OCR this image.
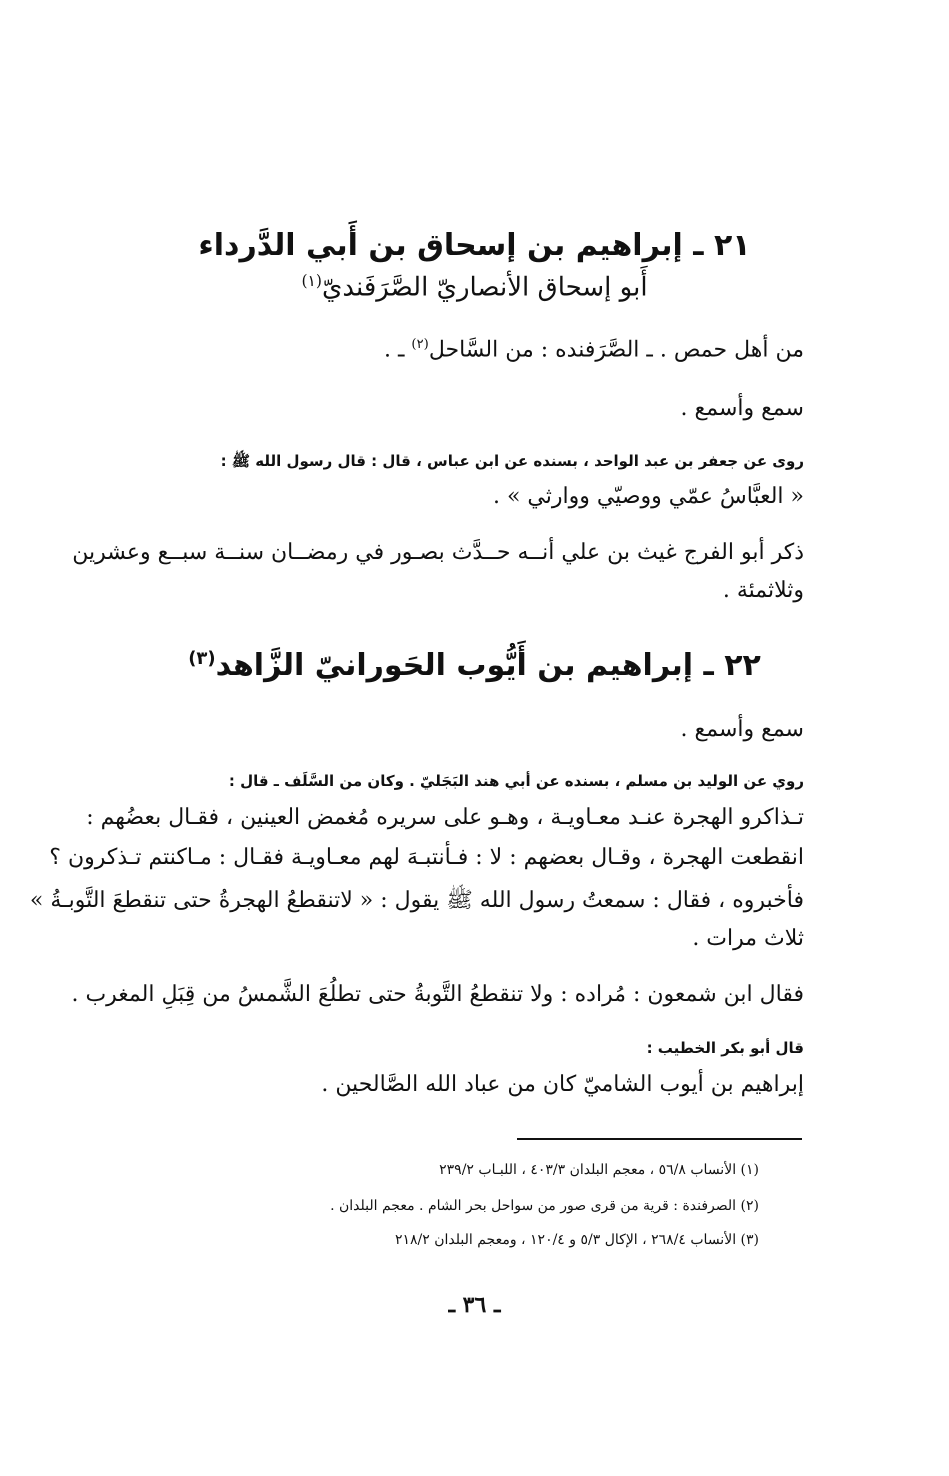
٢١ ـ إبراهيم بن إسحاق بن أَبي الدَّرداء
أَبو إسحاق الأنصاريّ الصَّرَفَنديّ$^{(١)}$
من أهل حمص . ـ الصَّرَفنده : من السَّاحل$^{(٢)}$ ـ .
سمع وأسمع .
روى عن جعفر بن عبد الواحد ، بسنده عن ابن عباس ، قال : قال رسول الله ﷺ :
« العبَّاسُ عمّي ووصيّي ووارثي » .
ذكر أبو الفرج غيث بن علي أنــه حــدَّث بصـور في رمضــان سنــة سبــع وعشرين
وثلاثمئة .
٢٢ ـ إبراهيم بن أَيُّوب الحَورانيّ الزَّاهد$^{(٣)}$
سمع وأسمع .
روي عن الوليد بن مسلم ، بسنده عن أبي هند البَجَليّ . وكان من السَّلَف ـ قال :
تـذاكرو الهجرة عنـد معـاويـة ، وهـو على سريره مُغمض العينين ، فقـال بعضُهم :
انقطعت الهجرة ، وقـال بعضهم : لا : فـأنتبـهَ لهم معـاويـة فقـال : مـاكنتم تـذكرون ؟
فأخبروه ، فقال : سمعتُ رسول الله ﷺ يقول : « لاتنقطعُ الهجرةُ حتى تنقطعَ التَّوبـةُ »
ثلاث مرات .
فقال ابن شمعون : مُراده : ولا تنقطعُ التَّوبةُ حتى تطلُعَ الشَّمسُ من قِبَلِ المغرب .
قال أبو بكر الخطيب :
إبراهيم بن أيوب الشاميّ كان من عباد الله الصَّالحين .
(١) الأنساب ٥٦/٨ ، معجم البلدان ٤٠٣/٣ ، اللبـاب ٢٣٩/٢
(٢) الصرفندة : قرية من قرى صور من سواحل بحر الشام . معجم البلدان .
(٣) الأنساب ٢٦٨/٤ ، الإكال ٥/٣ و ١٢٠/٤ ، ومعجم البلدان ٢١٨/٢
ـ ٣٦ ـ
